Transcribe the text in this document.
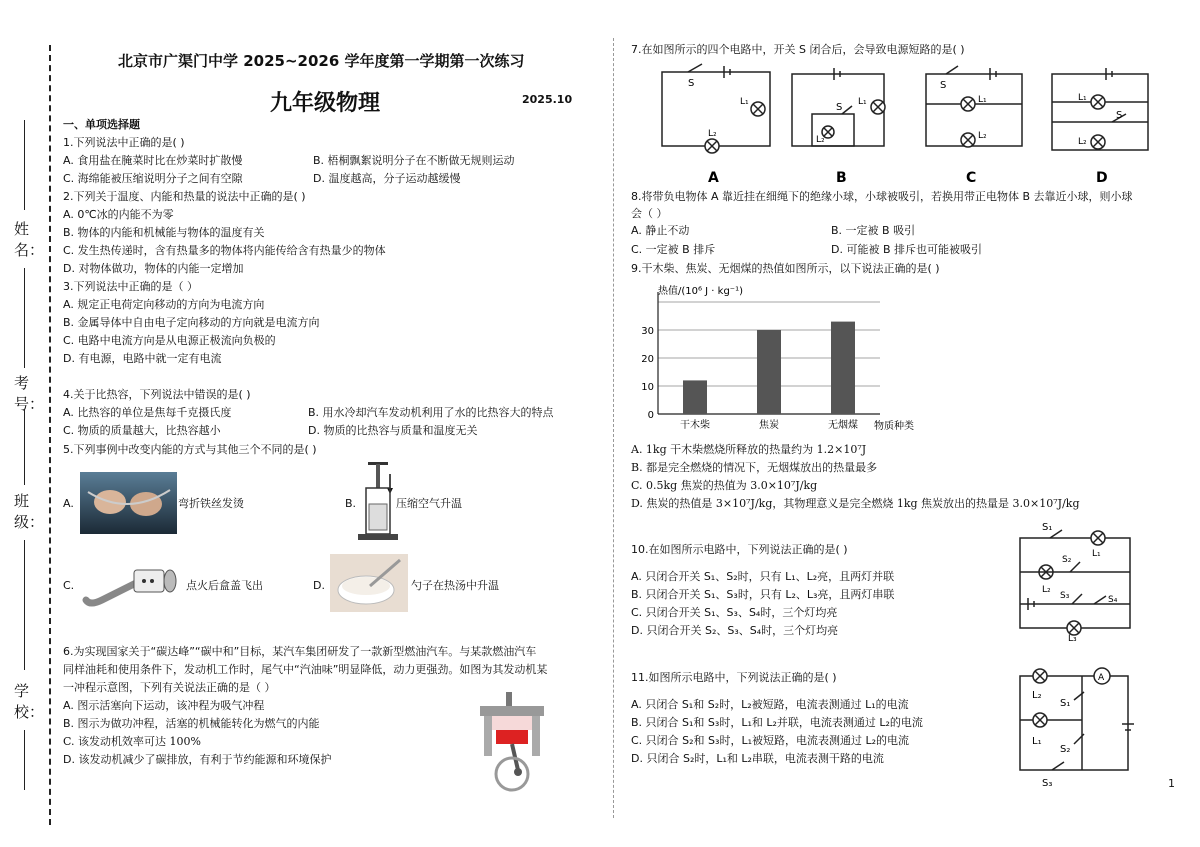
姓名：
考号：
班级：
学校：
北京市广渠门中学 2025~2026 学年度第一学期第一次练习
九年级物理	2025.10
一、单项选择题
1.下列说法中正确的是( )
A. 食用盐在腌菜时比在炒菜时扩散慢	B. 梧桐飘絮说明分子在不断做无规则运动
C. 海绵能被压缩说明分子之间有空隙	D. 温度越高，分子运动越缓慢
2.下列关于温度、内能和热量的说法中正确的是( )
A. 0℃冰的内能不为零
B. 物体的内能和机械能与物体的温度有关
C. 发生热传递时，含有热量多的物体将内能传给含有热量少的物体
D. 对物体做功，物体的内能一定增加
3.下列说法中正确的是（ ）
A. 规定正电荷定向移动的方向为电流方向
B. 金属导体中自由电子定向移动的方向就是电流方向
C. 电路中电流方向是从电源正极流向负极的
D. 有电源，电路中就一定有电流
4.关于比热容，下列说法中错误的是( )
A. 比热容的单位是焦每千克摄氏度	B. 用水冷却汽车发动机利用了水的比热容大的特点
C. 物质的质量越大，比热容越小	D. 物质的比热容与质量和温度无关
5.下列事例中改变内能的方式与其他三个不同的是( )
A.	弯折铁丝发烫	B.	压缩空气升温
C.	点火后盒盖飞出	D.	勺子在热汤中升温
6.为实现国家关于“碳达峰”“碳中和”目标，某汽车集团研发了一款新型燃油汽车。与某款燃油汽车
同样油耗和使用条件下，发动机工作时，尾气中“汽油味”明显降低，动力更强劲。如图为其发动机某
一冲程示意图，下列有关说法正确的是（ ）
A. 图示活塞向下运动，该冲程为吸气冲程
B. 图示为做功冲程，活塞的机械能转化为燃气的内能
C. 该发动机效率可达 100%
D. 该发动机减少了碳排放，有利于节约能源和环境保护
7.在如图所示的四个电路中，开关 S 闭合后，会导致电源短路的是( )
S
L₁
L₂
S L₁
L₂
S
L₁
L₂
L₁
S
L₂
A	B	C	D
8.将带负电物体 A 靠近挂在细绳下的绝缘小球，小球被吸引，若换用带正电物体 B 去靠近小球，则小球
会（ ）
A. 静止不动	B. 一定被 B 吸引
C. 一定被 B 排斥	D. 可能被 B 排斥也可能被吸引
9.干木柴、焦炭、无烟煤的热值如图所示，以下说法正确的是( )
热值/(10⁶ J · kg⁻¹)
物质种类
0
10
20
30
干木柴	焦炭	无烟煤
A. 1kg 干木柴燃烧所释放的热量约为 1.2×10⁷J
B. 都是完全燃烧的情况下，无烟煤放出的热量最多
C. 0.5kg 焦炭的热值为 3.0×10⁷J/kg
D. 焦炭的热值是 3×10⁷J/kg，其物理意义是完全燃烧 1kg 焦炭放出的热量是 3.0×10⁷J/kg
10.在如图所示电路中，下列说法正确的是( )
A. 只闭合开关 S₁、S₂时，只有 L₁、L₂亮，且两灯并联
B. 只闭合开关 S₁、S₃时，只有 L₂、L₃亮，且两灯串联
C. 只闭合开关 S₁、S₃、S₄时，三个灯均亮
D. 只闭合开关 S₂、S₃、S₄时，三个灯均亮
S₁
L₁
S₂
L₂
S₃	S₄
L₃
11.如图所示电路中，下列说法正确的是( )
A. 只闭合 S₁和 S₂时，L₂被短路，电流表测通过 L₁的电流
B. 只闭合 S₁和 S₃时，L₁和 L₂并联，电流表测通过 L₂的电流
C. 只闭合 S₂和 S₃时，L₁被短路，电流表测通过 L₂的电流
D. 只闭合 S₂时，L₁和 L₂串联，电流表测干路的电流
A
L₂
S₁
L₁
S₂
S₃	1
